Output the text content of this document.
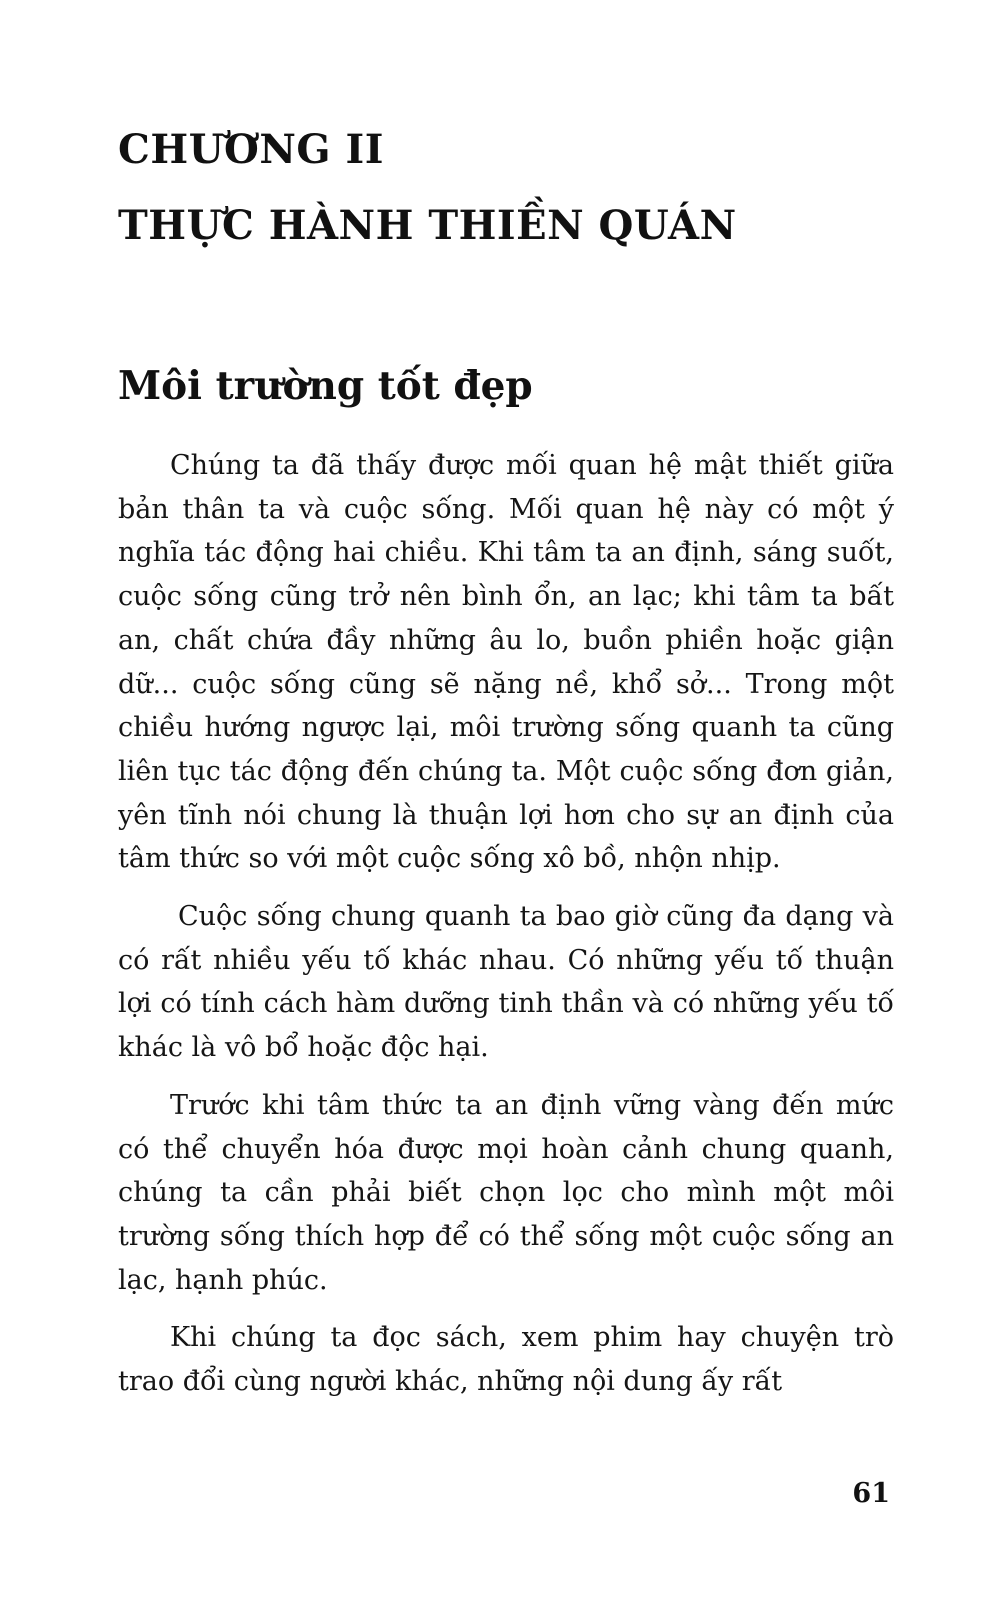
CHƯƠNG II
THỰC HÀNH THIỀN QUÁN
Môi trường tốt đẹp

Chúng ta đã thấy được mối quan hệ mật thiết giữa bản thân ta và cuộc sống. Mối quan hệ này có một ý nghĩa tác động hai chiều. Khi tâm ta an định, sáng suốt, cuộc sống cũng trở nên bình ổn, an lạc; khi tâm ta bất an, chất chứa đầy những âu lo, buồn phiền hoặc giận dữ... cuộc sống cũng sẽ nặng nề, khổ sở... Trong một chiều hướng ngược lại, môi trường sống quanh ta cũng liên tục tác động đến chúng ta. Một cuộc sống đơn giản, yên tĩnh nói chung là thuận lợi hơn cho sự an định của tâm thức so với một cuộc sống xô bồ, nhộn nhịp.

Cuộc sống chung quanh ta bao giờ cũng đa dạng và có rất nhiều yếu tố khác nhau. Có những yếu tố thuận lợi có tính cách hàm dưỡng tinh thần và có những yếu tố khác là vô bổ hoặc độc hại.

Trước khi tâm thức ta an định vững vàng đến mức có thể chuyển hóa được mọi hoàn cảnh chung quanh, chúng ta cần phải biết chọn lọc cho mình một môi trường sống thích hợp để có thể sống một cuộc sống an lạc, hạnh phúc.

Khi chúng ta đọc sách, xem phim hay chuyện trò trao đổi cùng người khác, những nội dung ấy rất

61
